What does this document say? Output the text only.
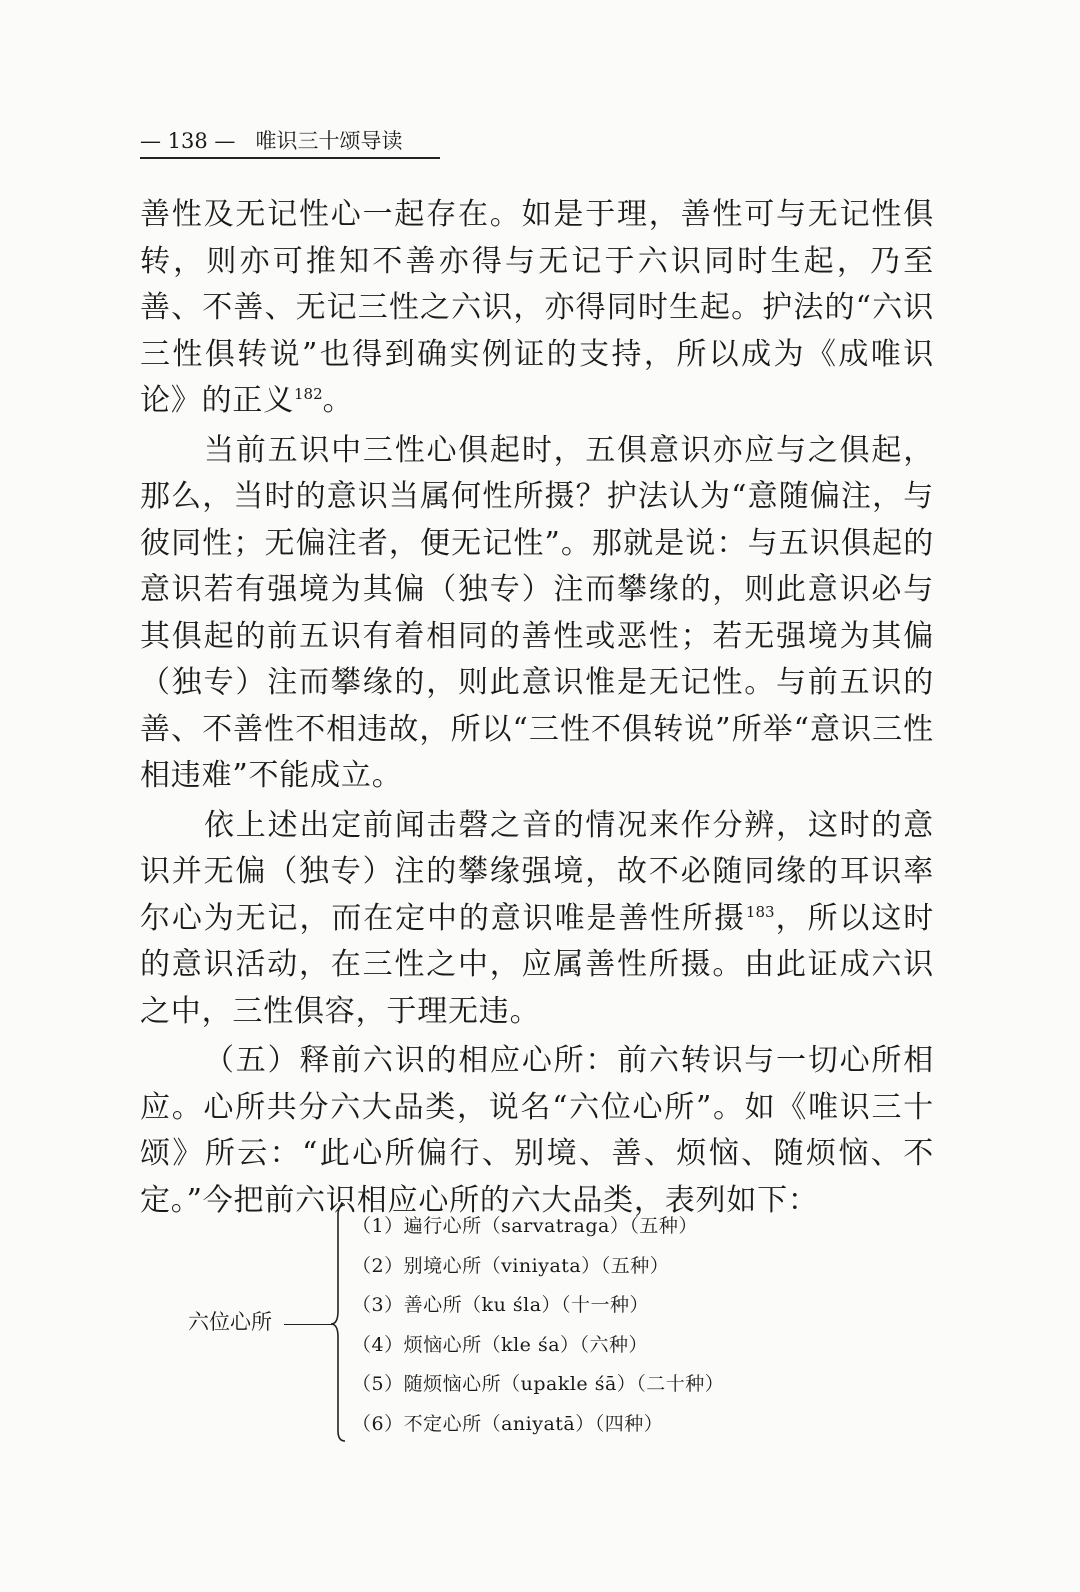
— 138 — 唯识三十颂导读

善性及无记性心一起存在。如是于理，善性可与无记性俱转，则亦可推知不善亦得与无记于六识同时生起，乃至善、不善、无记三性之六识，亦得同时生起。护法的“六识三性俱转说”也得到确实例证的支持，所以成为《成唯识论》的正义$^{182}$。

当前五识中三性心俱起时，五俱意识亦应与之俱起，那么，当时的意识当属何性所摄？护法认为“意随偏注，与彼同性；无偏注者，便无记性”。那就是说：与五识俱起的意识若有强境为其偏（独专）注而攀缘的，则此意识必与其俱起的前五识有着相同的善性或恶性；若无强境为其偏（独专）注而攀缘的，则此意识惟是无记性。与前五识的善、不善性不相违故，所以“三性不俱转说”所举“意识三性相违难”不能成立。

依上述出定前闻击磬之音的情况来作分辨，这时的意识并无偏（独专）注的攀缘强境，故不必随同缘的耳识率尔心为无记，而在定中的意识唯是善性所摄$^{183}$，所以这时的意识活动，在三性之中，应属善性所摄。由此证成六识之中，三性俱容，于理无违。

（五）释前六识的相应心所：前六转识与一切心所相应。心所共分六大品类，说名“六位心所”。如《唯识三十颂》所云：“此心所偏行、别境、善、烦恼、随烦恼、不定。”今把前六识相应心所的六大品类，表列如下：

六位心所
（1）遍行心所（sarvatraga）（五种）
（2）别境心所（viniyata）（五种）
（3）善心所（ku śla）（十一种）
（4）烦恼心所（kle śa）（六种）
（5）随烦恼心所（upakle śā）（二十种）
（6）不定心所（aniyatā）（四种）
